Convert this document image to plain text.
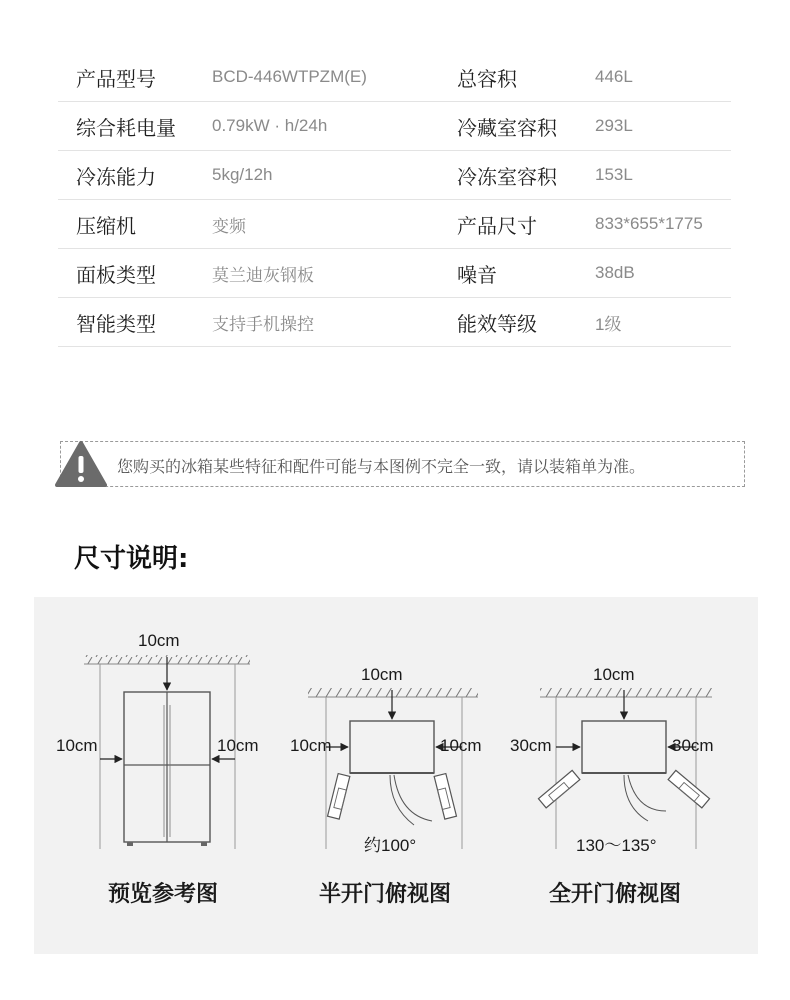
产品型号	BCD-446WTPZM(E)	总容积	446L
综合耗电量	0.79kW · h/24h	冷藏室容积	293L
冷冻能力	5kg/12h	冷冻室容积	153L
压缩机	变频	产品尺寸	833*655*1775
面板类型	莫兰迪灰钢板	噪音	38dB
智能类型	支持手机操控	能效等级	1级
您购买的冰箱某些特征和配件可能与本图例不完全一致，请以装箱单为准。
尺寸说明:
10cm
10cm	10cm
10cm
10cm	10cm
约100°
10cm
30cm	30cm
130～135°
预览参考图	半开门俯视图	全开门俯视图
